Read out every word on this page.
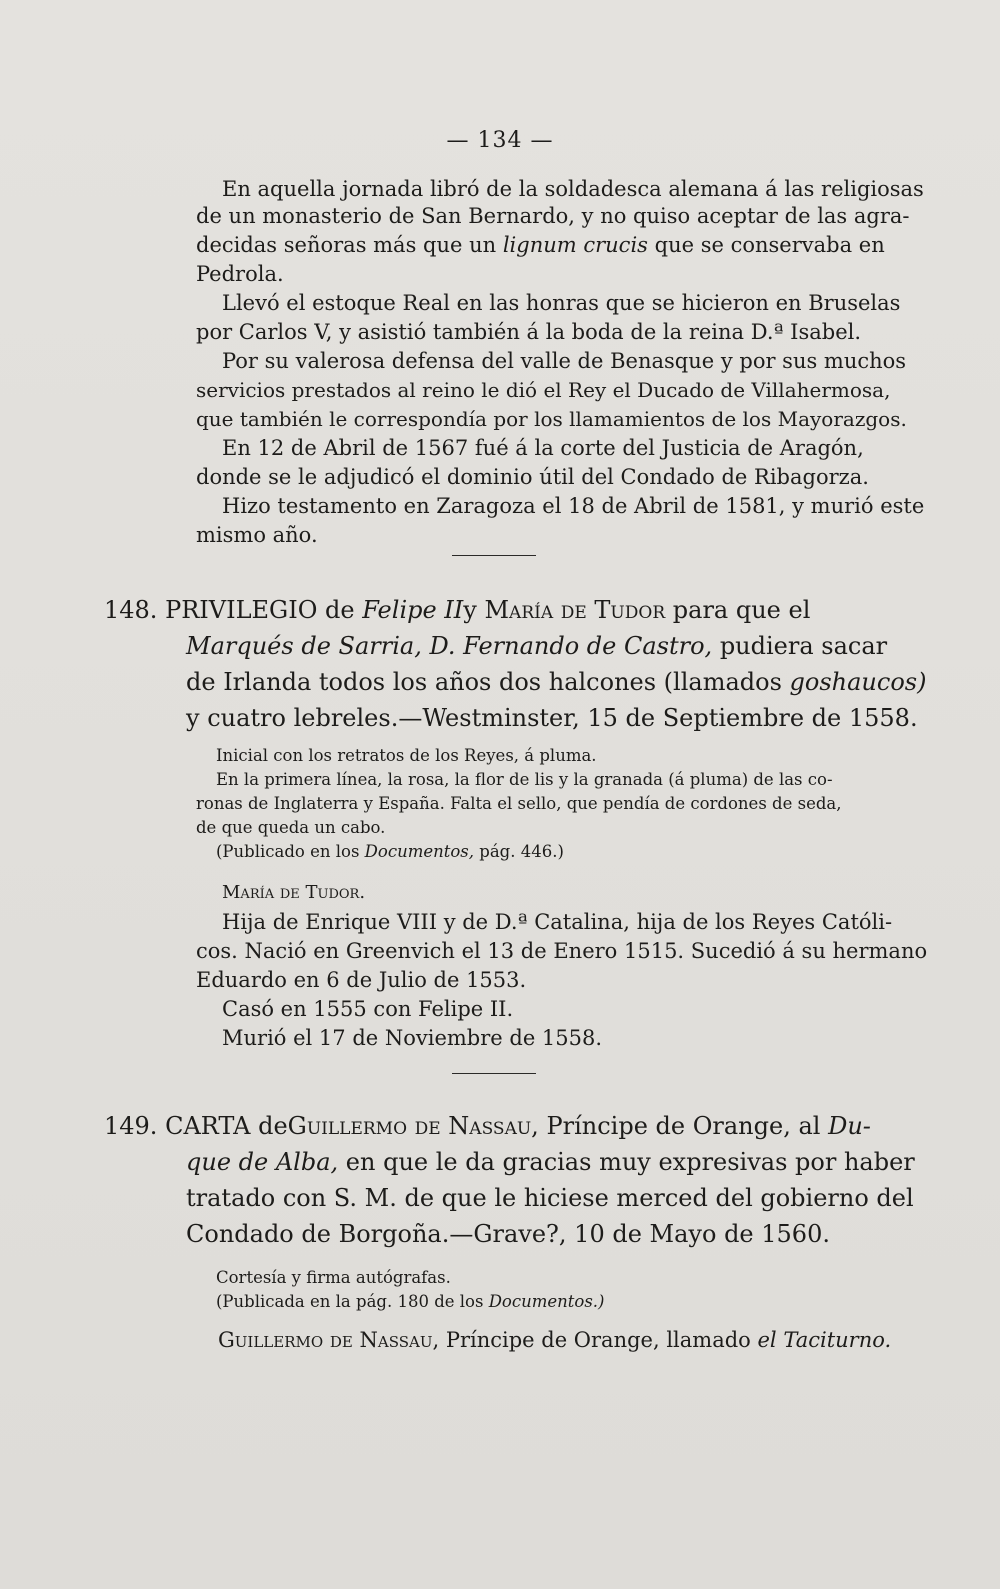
— 134 —
En aquella jornada libró de la soldadesca alemana á las religiosas
de un monasterio de San Bernardo, y no quiso aceptar de las agra-
decidas señoras más que un lignum crucis que se conservaba en
Pedrola.
Llevó el estoque Real en las honras que se hicieron en Bruselas
por Carlos V, y asistió también á la boda de la reina D.ª Isabel.
Por su valerosa defensa del valle de Benasque y por sus muchos
servicios prestados al reino le dió el Rey el Ducado de Villahermosa,
que también le correspondía por los llamamientos de los Mayorazgos.
En 12 de Abril de 1567 fué á la corte del Justicia de Aragón,
donde se le adjudicó el dominio útil del Condado de Ribagorza.
Hizo testamento en Zaragoza el 18 de Abril de 1581, y murió este
mismo año.
148. PRIVILEGIO de Felipe IIy María de Tudor para que el
Marqués de Sarria, D. Fernando de Castro, pudiera sacar
de Irlanda todos los años dos halcones (llamados goshaucos)
y cuatro lebreles.—Westminster, 15 de Septiembre de 1558.
Inicial con los retratos de los Reyes, á pluma.
En la primera línea, la rosa, la flor de lis y la granada (á pluma) de las co-
ronas de Inglaterra y España. Falta el sello, que pendía de cordones de seda,
de que queda un cabo.
(Publicado en los Documentos, pág. 446.)
María de Tudor.
Hija de Enrique VIII y de D.ª Catalina, hija de los Reyes Católi-
cos. Nació en Greenvich el 13 de Enero 1515. Sucedió á su hermano
Eduardo en 6 de Julio de 1553.
Casó en 1555 con Felipe II.
Murió el 17 de Noviembre de 1558.
149. CARTA deGuillermo de Nassau, Príncipe de Orange, al Du-
que de Alba, en que le da gracias muy expresivas por haber
tratado con S. M. de que le hiciese merced del gobierno del
Condado de Borgoña.—Grave?, 10 de Mayo de 1560.
Cortesía y firma autógrafas.
(Publicada en la pág. 180 de los Documentos.)
Guillermo de Nassau, Príncipe de Orange, llamado el Taciturno.
